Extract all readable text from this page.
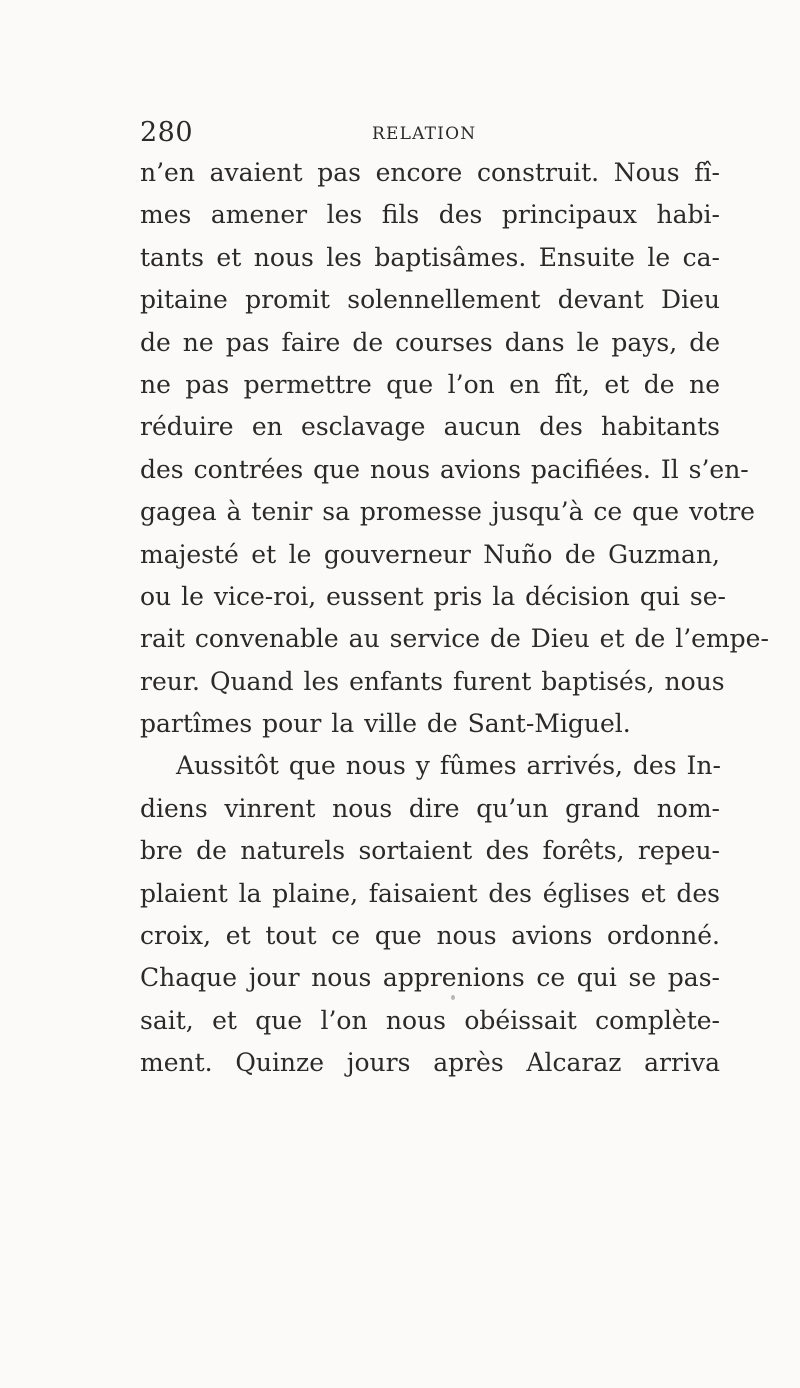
280	RELATION
n’en avaient pas encore construit. Nous fî-
mes amener les fils des principaux habi-
tants et nous les baptisâmes. Ensuite le ca-
pitaine promit solennellement devant Dieu
de ne pas faire de courses dans le pays, de
ne pas permettre que l’on en fît, et de ne
réduire en esclavage aucun des habitants
des contrées que nous avions pacifiées. Il s’en-
gagea à tenir sa promesse jusqu’à ce que votre
majesté et le gouverneur Nuño de Guzman,
ou le vice-roi, eussent pris la décision qui se-
rait convenable au service de Dieu et de l’empe-
reur. Quand les enfants furent baptisés, nous
partîmes pour la ville de Sant-Miguel.
Aussitôt que nous y fûmes arrivés, des In-
diens vinrent nous dire qu’un grand nom-
bre de naturels sortaient des forêts, repeu-
plaient la plaine, faisaient des églises et des
croix, et tout ce que nous avions ordonné.
Chaque jour nous apprenions ce qui se pas-
sait, et que l’on nous obéissait complète-
ment. Quinze jours après Alcaraz arriva
